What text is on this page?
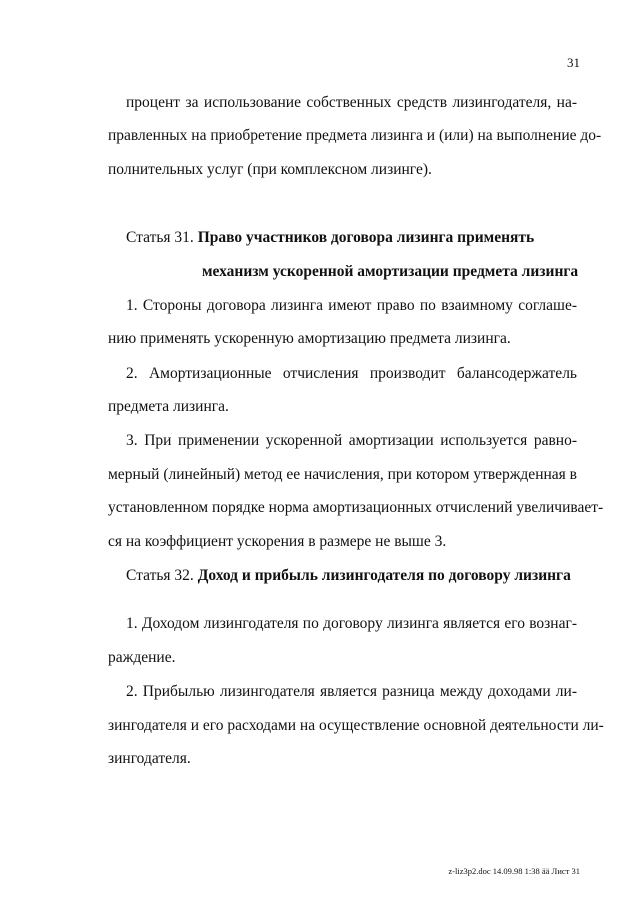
31
процент за использование собственных средств лизингодателя, на-
правленных на приобретение предмета лизинга и (или) на выполнение до-
полнительных услуг (при комплексном лизинге).
Статья 31. Право участников договора лизинга применять
механизм ускоренной амортизации предмета лизинга
1. Стороны договора лизинга имеют право по взаимному соглаше-
нию применять ускоренную амортизацию предмета лизинга.
2. Амортизационные отчисления производит балансодержатель
предмета лизинга.
3. При применении ускоренной амортизации используется равно-
мерный (линейный) метод ее начисления, при котором утвержденная в
установленном порядке норма амортизационных отчислений увеличивает-
ся на коэффициент ускорения в размере не выше 3.
Статья 32. Доход и прибыль лизингодателя по договору лизинга
1. Доходом лизингодателя по договору лизинга является его вознаг-
раждение.
2. Прибылью лизингодателя является разница между доходами ли-
зингодателя и его расходами на осуществление основной деятельности ли-
зингодателя.
z-liz3p2.doc 14.09.98 1:38 ää Лист 31
